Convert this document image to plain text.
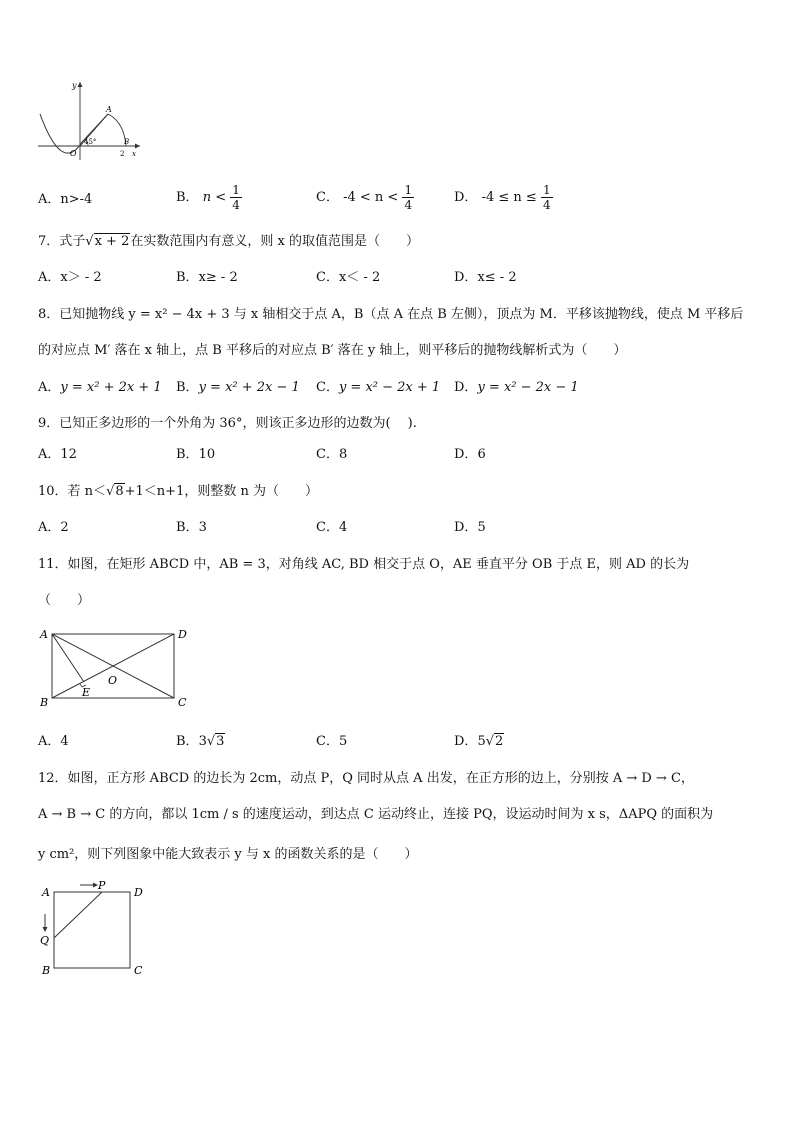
y
A
45°
O
B
2 x
A．n>-4	B． $n < \frac{1}{4}$	C． $-4 < n < \frac{1}{4}$	D． $-4 \le n \le \frac{1}{4}$
7．式子√x + 2在实数范围内有意义，则 x 的取值范围是（　　）
A．x＞ - 2	B．x≥ - 2	C．x＜ - 2	D．x≤ - 2
8．已知抛物线 y = x² − 4x + 3 与 x 轴相交于点 A，B（点 A 在点 B 左侧），顶点为 M．平移该抛物线，使点 M 平移后
的对应点 M′ 落在 x 轴上，点 B 平移后的对应点 B′ 落在 y 轴上，则平移后的抛物线解析式为（　　）
A．y = x² + 2x + 1 B．y = x² + 2x − 1 C．y = x² − 2x + 1 D．y = x² − 2x − 1
9．已知正多边形的一个外角为 36°，则该正多边形的边数为(　 ).
A．12	B．10	C．8	D．6
10．若 n＜√8+1＜n+1，则整数 n 为（　　）
A．2	B．3	C．4	D．5
11．如图，在矩形 ABCD 中，AB = 3，对角线 AC, BD 相交于点 O，AE 垂直平分 OB 于点 E，则 AD 的长为
（　　）
A	D
B	C
E
O
A．4	B．3√3	C．5	D．5√2
12．如图，正方形 ABCD 的边长为 2cm，动点 P，Q 同时从点 A 出发，在正方形的边上，分别按 A → D → C，
A → B → C 的方向，都以 1cm / s 的速度运动，到达点 C 运动终止，连接 PQ，设运动时间为 x s，ΔAPQ 的面积为
y cm²，则下列图象中能大致表示 y 与 x 的函数关系的是（　　）
A
P
D
Q
B	C
